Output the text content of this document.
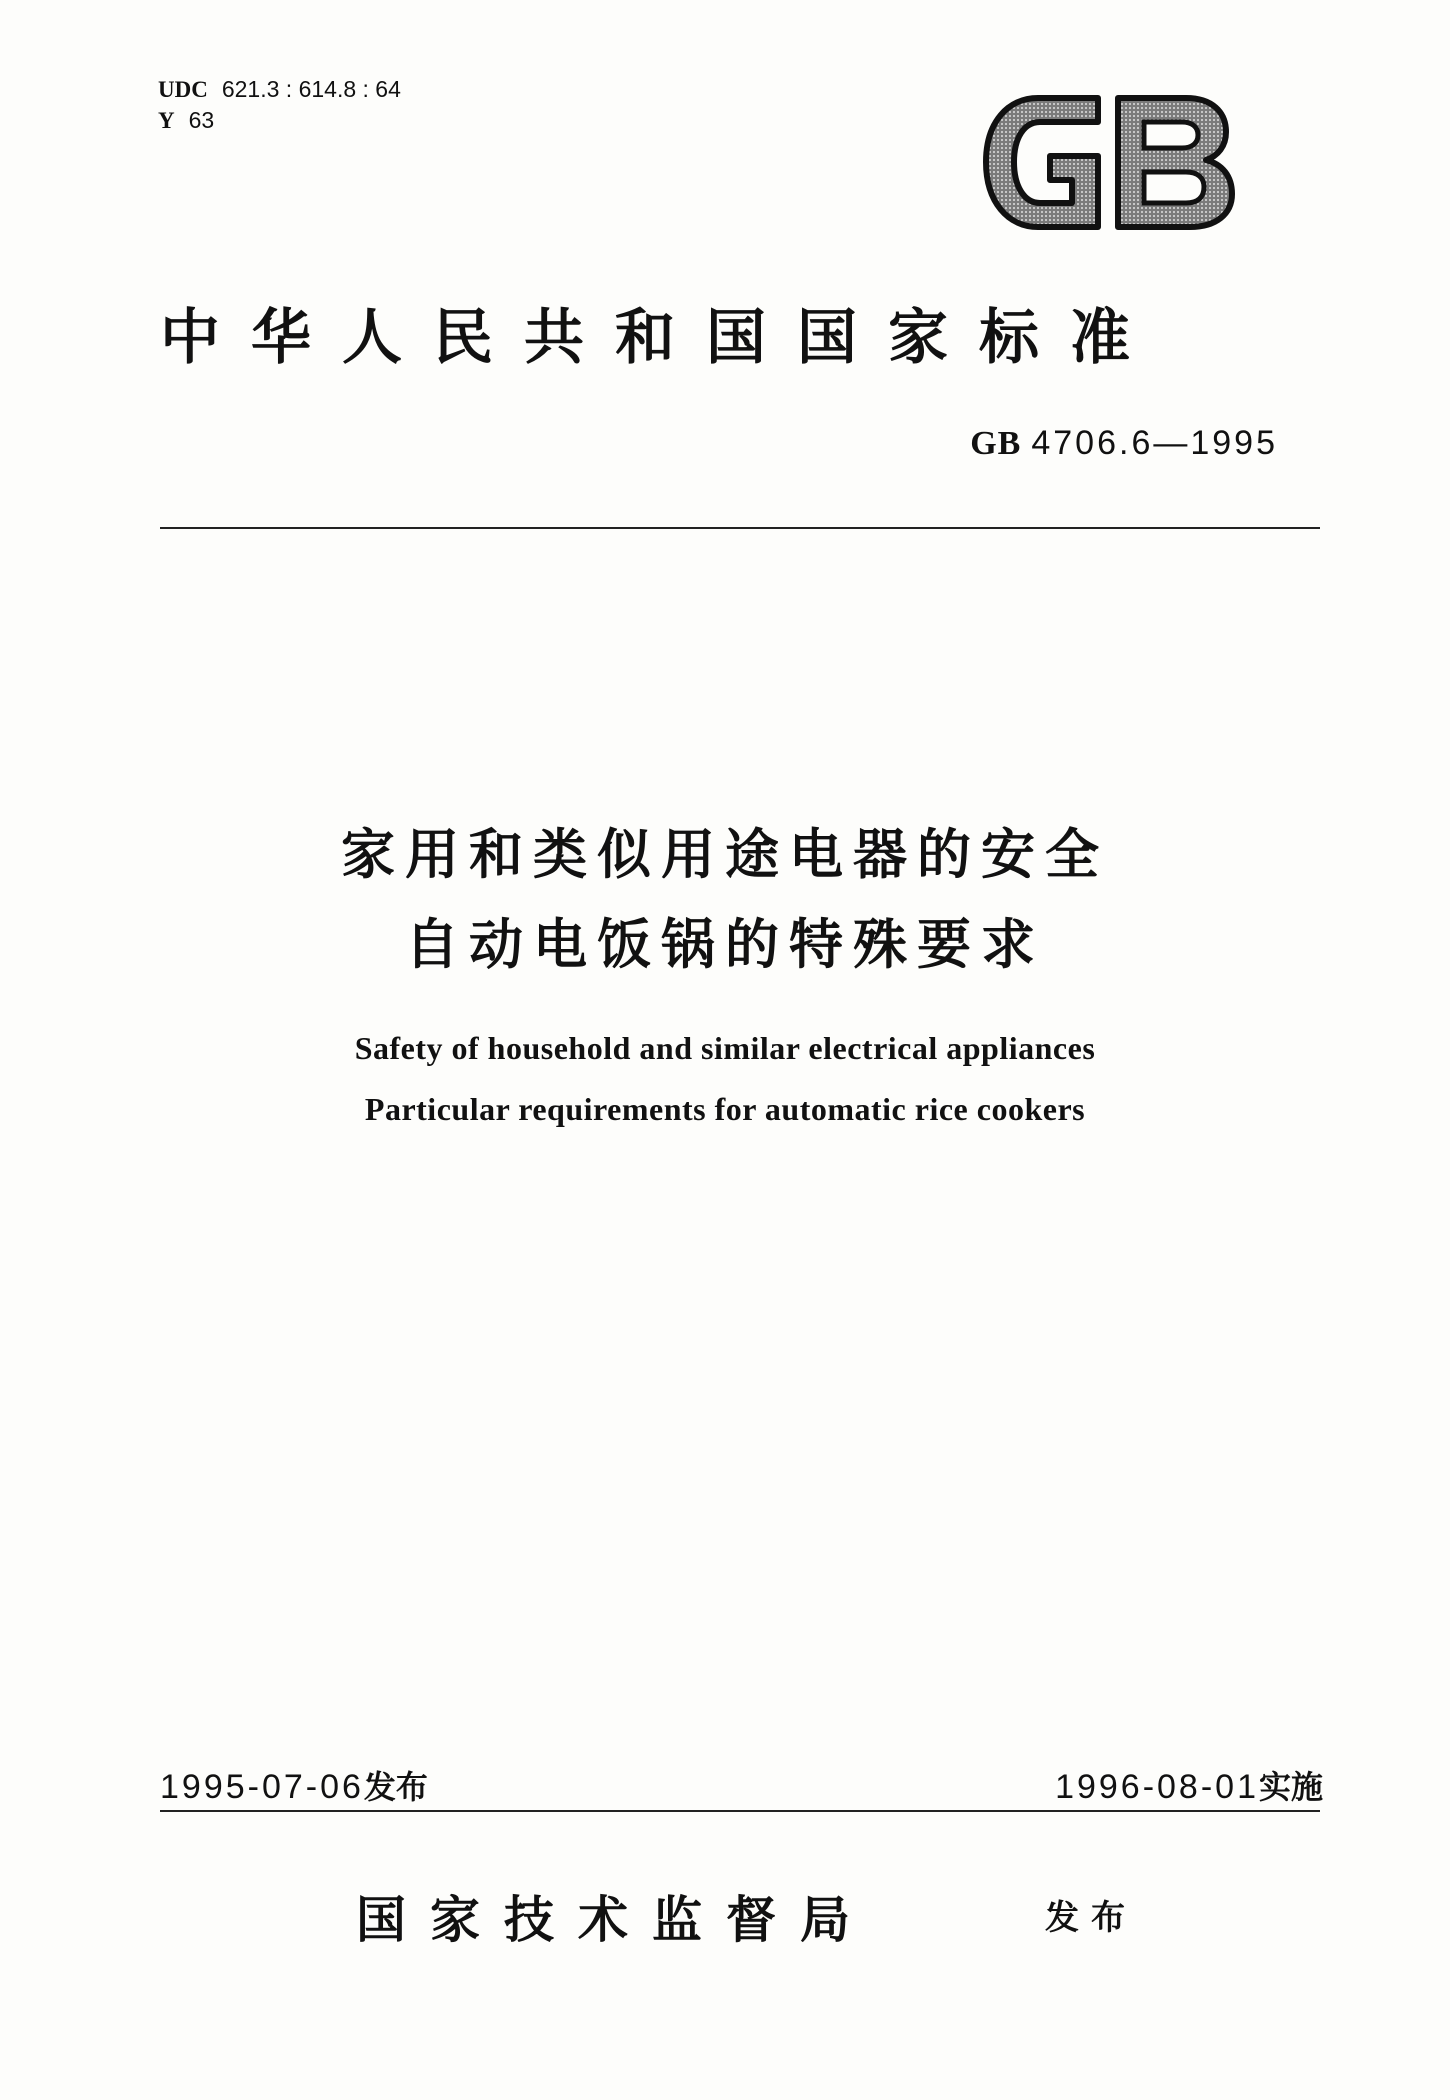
UDC 621.3 : 614.8 : 64
Y 63
中华人民共和国国家标准
GB 4706.6—1995
家用和类似用途电器的安全
自动电饭锅的特殊要求
Safety of household and similar electrical appliances
Particular requirements for automatic rice cookers
1995-07-06发布	1996-08-01实施
国家技术监督局	发布
